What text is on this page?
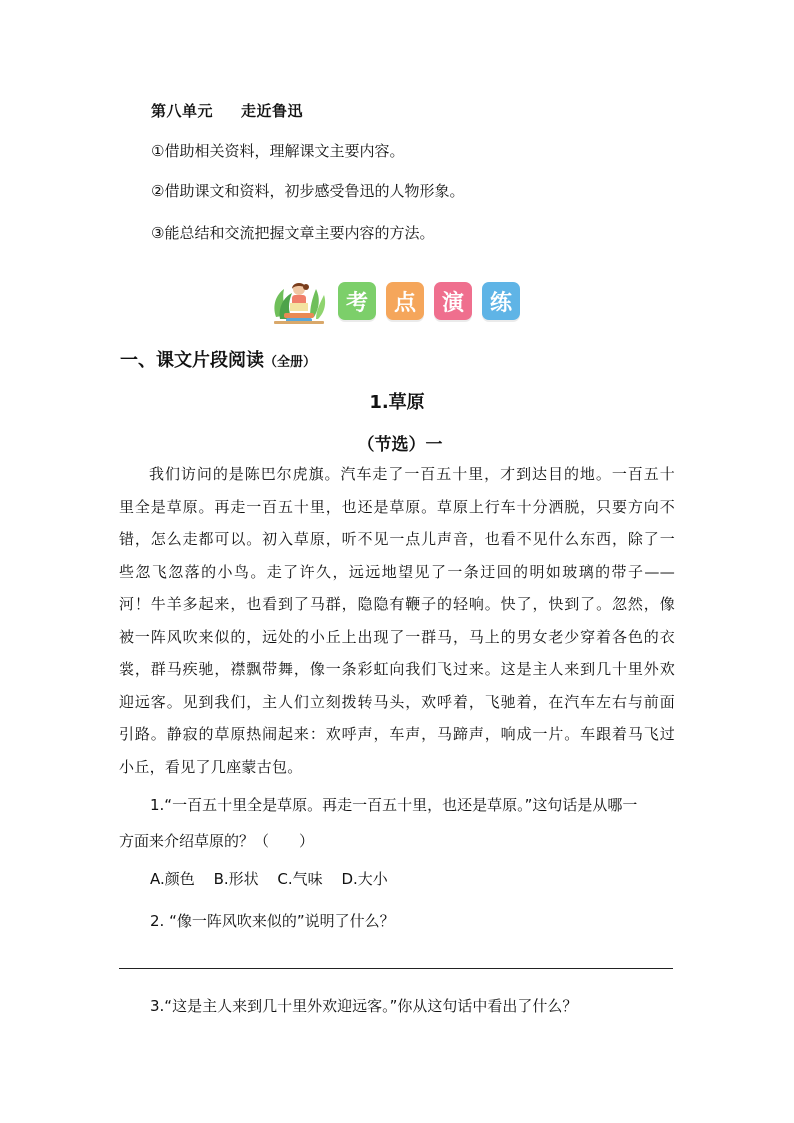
第八单元 走近鲁迅
①借助相关资料，理解课文主要内容。
②借助课文和资料，初步感受鲁迅的人物形象。
③能总结和交流把握文章主要内容的方法。
考	点	演	练
一、课文片段阅读（全册）
1.草原
（节选）一
我们访问的是陈巴尔虎旗。汽车走了一百五十里，才到达目的地。一百五十
里全是草原。再走一百五十里，也还是草原。草原上行车十分洒脱，只要方向不
错，怎么走都可以。初入草原，听不见一点儿声音，也看不见什么东西，除了一
些忽飞忽落的小鸟。走了许久，远远地望见了一条迂回的明如玻璃的带子——
河！牛羊多起来，也看到了马群，隐隐有鞭子的轻响。快了，快到了。忽然，像
被一阵风吹来似的，远处的小丘上出现了一群马，马上的男女老少穿着各色的衣
裳，群马疾驰，襟飘带舞，像一条彩虹向我们飞过来。这是主人来到几十里外欢
迎远客。见到我们，主人们立刻拨转马头，欢呼着，飞驰着，在汽车左右与前面
引路。静寂的草原热闹起来：欢呼声，车声，马蹄声，响成一片。车跟着马飞过
小丘，看见了几座蒙古包。
1.“一百五十里全是草原。再走一百五十里，也还是草原。”这句话是从哪一
方面来介绍草原的？（　　）
A.颜色 B.形状 C.气味 D.大小
2. “像一阵风吹来似的”说明了什么？
3.“这是主人来到几十里外欢迎远客。”你从这句话中看出了什么？
